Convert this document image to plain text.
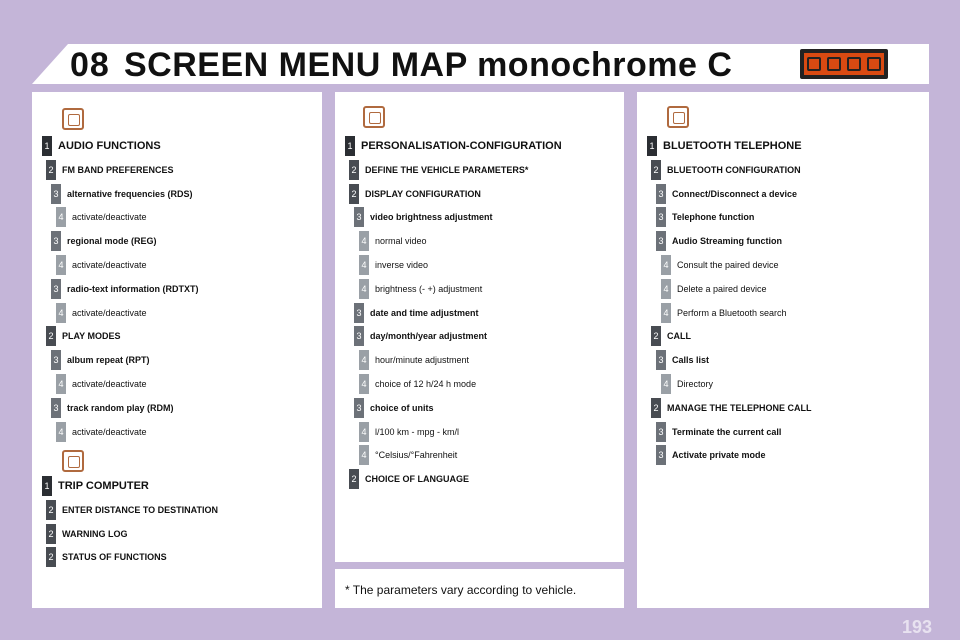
08 SCREEN MENU MAP monochrome C
1 AUDIO FUNCTIONS
2 FM BAND PREFERENCES
3 alternative frequencies (RDS)
4 activate/deactivate
3 regional mode (REG)
4 activate/deactivate
3 radio-text information (RDTXT)
4 activate/deactivate
2 PLAY MODES
3 album repeat (RPT)
4 activate/deactivate
3 track random play (RDM)
4 activate/deactivate
1 TRIP COMPUTER
2 ENTER DISTANCE TO DESTINATION
2 WARNING LOG
2 STATUS OF FUNCTIONS
1 PERSONALISATION-CONFIGURATION
2 DEFINE THE VEHICLE PARAMETERS*
2 DISPLAY CONFIGURATION
3 video brightness adjustment
4 normal video
4 inverse video
4 brightness (- +) adjustment
3 date and time adjustment
3 day/month/year adjustment
4 hour/minute adjustment
4 choice of 12 h/24 h mode
3 choice of units
4 l/100 km - mpg - km/l
4 °Celsius/°Fahrenheit
2 CHOICE OF LANGUAGE
* The parameters vary according to vehicle.
1 BLUETOOTH TELEPHONE
2 BLUETOOTH CONFIGURATION
3 Connect/Disconnect a device
3 Telephone function
3 Audio Streaming function
4 Consult the paired device
4 Delete a paired device
4 Perform a Bluetooth search
2 CALL
3 Calls list
4 Directory
2 MANAGE THE TELEPHONE CALL
3 Terminate the current call
3 Activate private mode
193
